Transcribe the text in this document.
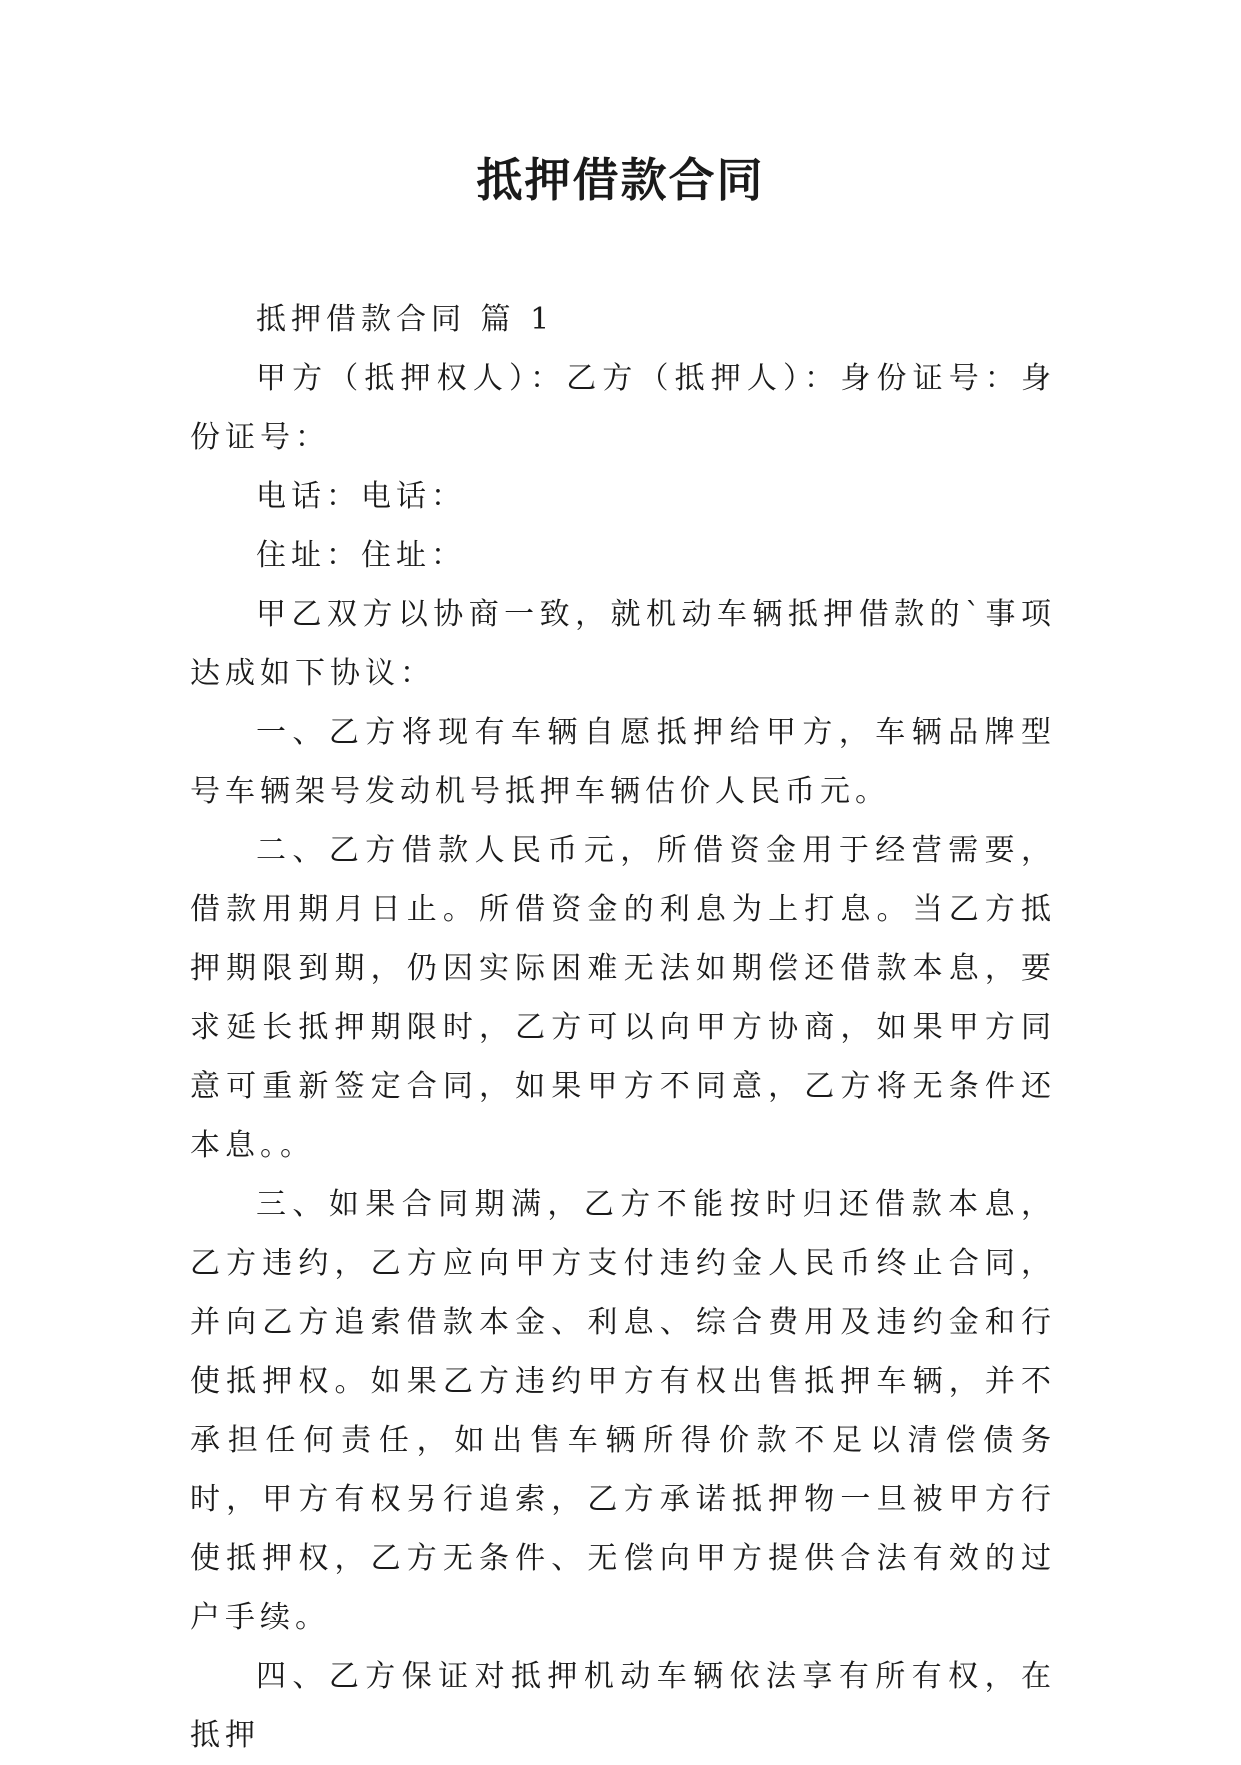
抵押借款合同

抵押借款合同 篇 1

甲方（抵押权人）：乙方（抵押人）：身份证号：身份证号：

电话：电话：

住址：住址：

甲乙双方以协商一致，就机动车辆抵押借款的`事项达成如下协议：

一、乙方将现有车辆自愿抵押给甲方，车辆品牌型号车辆架号发动机号抵押车辆估价人民币元。

二、乙方借款人民币元，所借资金用于经营需要，借款用期月日止。所借资金的利息为上打息。当乙方抵押期限到期，仍因实际困难无法如期偿还借款本息，要求延长抵押期限时，乙方可以向甲方协商，如果甲方同意可重新签定合同，如果甲方不同意，乙方将无条件还本息。。

三、如果合同期满，乙方不能按时归还借款本息，乙方违约，乙方应向甲方支付违约金人民币终止合同，并向乙方追索借款本金、利息、综合费用及违约金和行使抵押权。如果乙方违约甲方有权出售抵押车辆，并不承担任何责任，如出售车辆所得价款不足以清偿债务时，甲方有权另行追索，乙方承诺抵押物一旦被甲方行使抵押权，乙方无条件、无偿向甲方提供合法有效的过户手续。

四、乙方保证对抵押机动车辆依法享有所有权，在抵押
